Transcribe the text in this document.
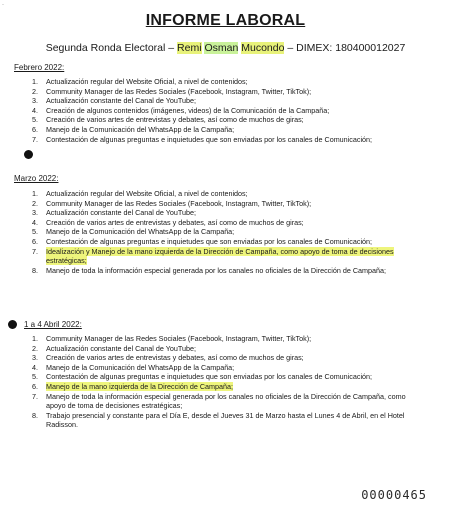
·
INFORME LABORAL
Segunda Ronda Electoral – Remi Osman Mucondo – DIMEX: 180400012027
Febrero 2022:
1. Actualización regular del Website Oficial, a nivel de contenidos;
2. Community Manager de las Redes Sociales (Facebook, Instagram, Twitter, TikTok);
3. Actualización constante del Canal de YouTube;
4. Creación de algunos contenidos (imágenes, videos) de la Comunicación de la Campaña;
5. Creación de varios artes de entrevistas y debates, así como de muchos de giras;
6. Manejo de la Comunicación del WhatsApp de la Campaña;
7. Contestación de algunas preguntas e inquietudes que son enviadas por los canales de Comunicación;
Marzo 2022:
1. Actualización regular del Website Oficial, a nivel de contenidos;
2. Community Manager de las Redes Sociales (Facebook, Instagram, Twitter, TikTok);
3. Actualización constante del Canal de YouTube;
4. Creación de varios artes de entrevistas y debates, así como de muchos de giras;
5. Manejo de la Comunicación del WhatsApp de la Campaña;
6. Contestación de algunas preguntas e inquietudes que son enviadas por los canales de Comunicación;
7. Idealización y Manejo de la mano izquierda de la Dirección de Campaña, como apoyo de toma de decisiones estratégicas;
8. Manejo de toda la información especial generada por los canales no oficiales de la Dirección de Campaña;
1 a 4 Abril 2022:
1. Community Manager de las Redes Sociales (Facebook, Instagram, Twitter, TikTok);
2. Actualización constante del Canal de YouTube;
3. Creación de varios artes de entrevistas y debates, así como de muchos de giras;
4. Manejo de la Comunicación del WhatsApp de la Campaña;
5. Contestación de algunas preguntas e inquietudes que son enviadas por los canales de Comunicación;
6. Manejo de la mano izquierda de la Dirección de Campaña;
7. Manejo de toda la información especial generada por los canales no oficiales de la Dirección de Campaña, como apoyo de toma de decisiones estratégicas;
8. Trabajo presencial y constante para el Día E, desde el Jueves 31 de Marzo hasta el Lunes 4 de Abril, en el Hotel Radisson.
00000465
